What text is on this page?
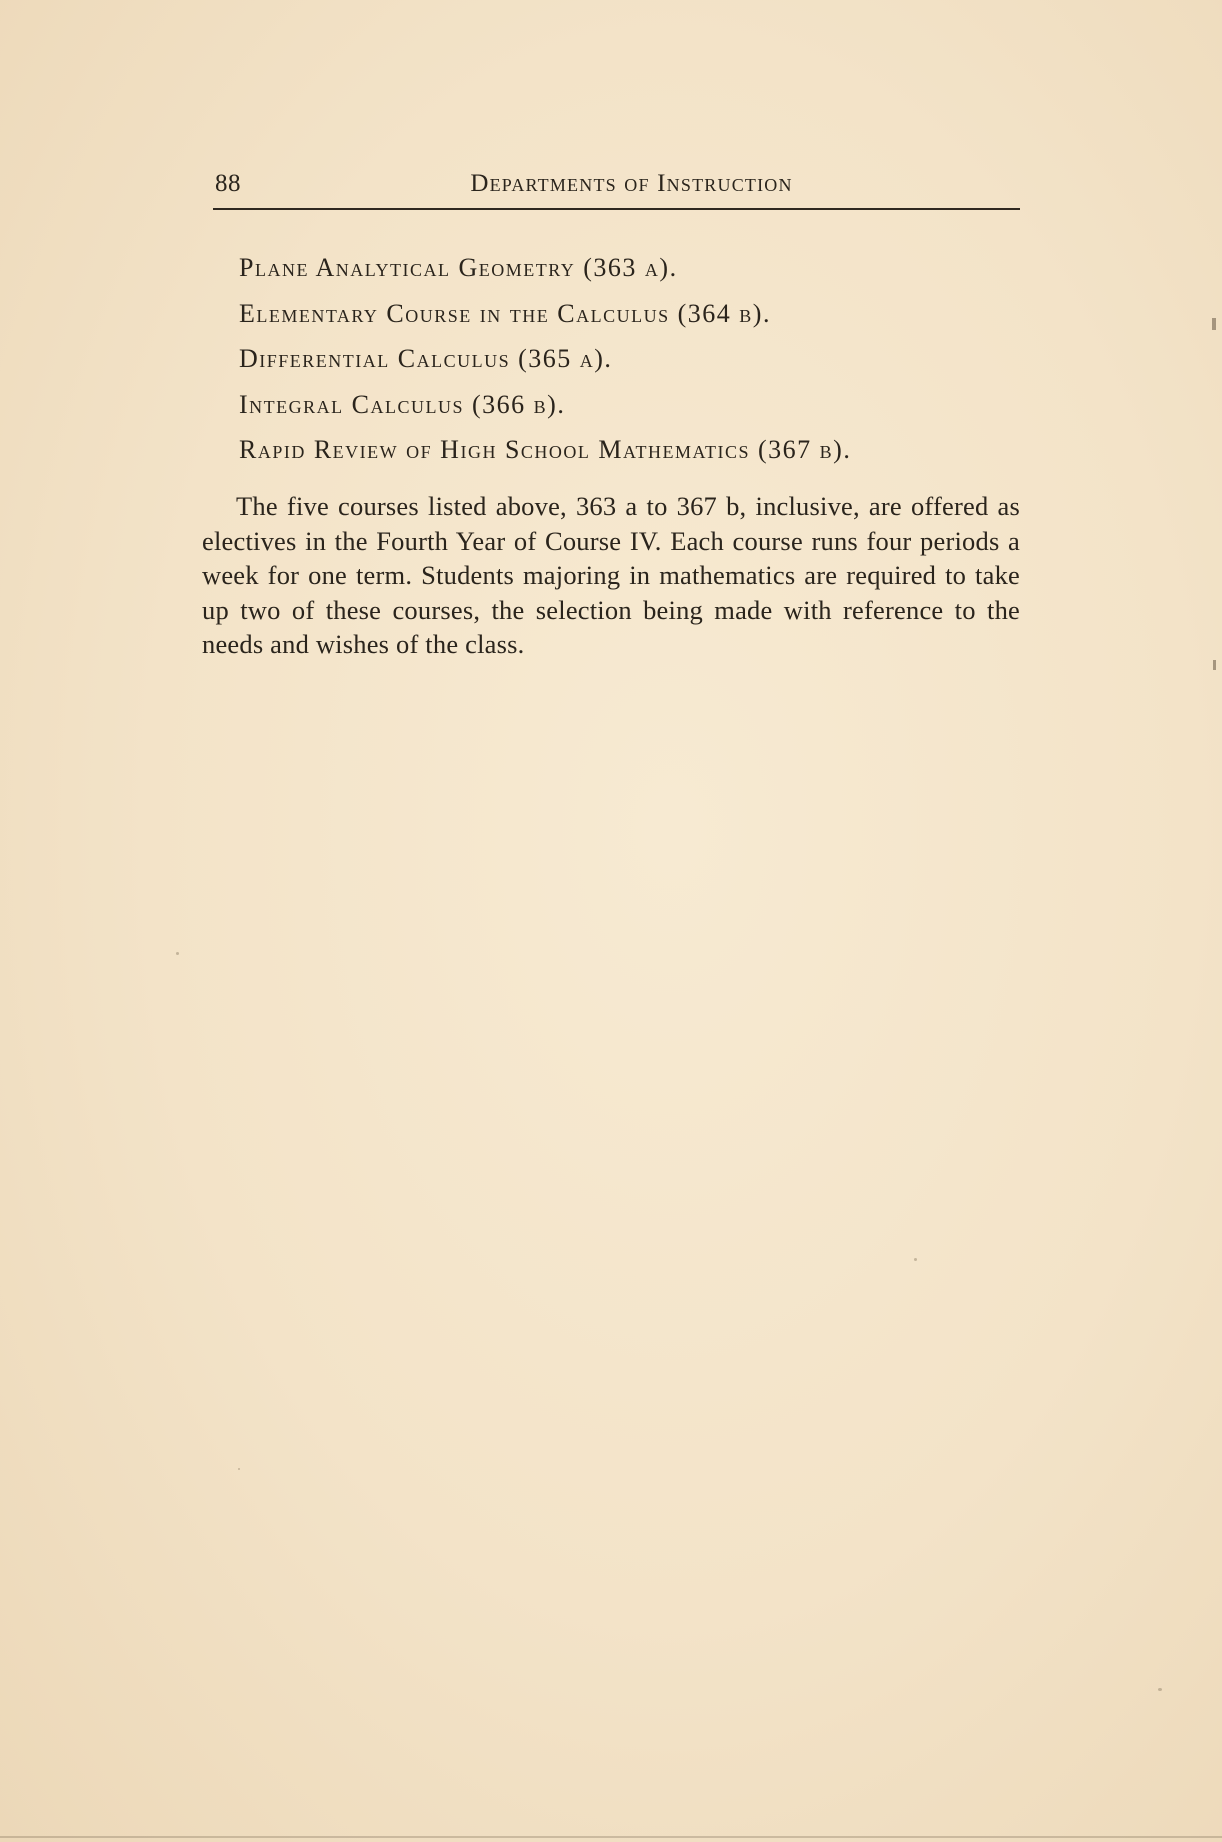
88	Departments of Instruction
Plane Analytical Geometry (363 a).
Elementary Course in the Calculus (364 b).
Differential Calculus (365 a).
Integral Calculus (366 b).
Rapid Review of High School Mathematics (367 b).

The five courses listed above, 363 a to 367 b, inclusive, are offered as electives in the Fourth Year of Course IV. Each course runs four periods a week for one term. Students majoring in mathematics are required to take up two of these courses, the selection being made with reference to the needs and wishes of the class.
